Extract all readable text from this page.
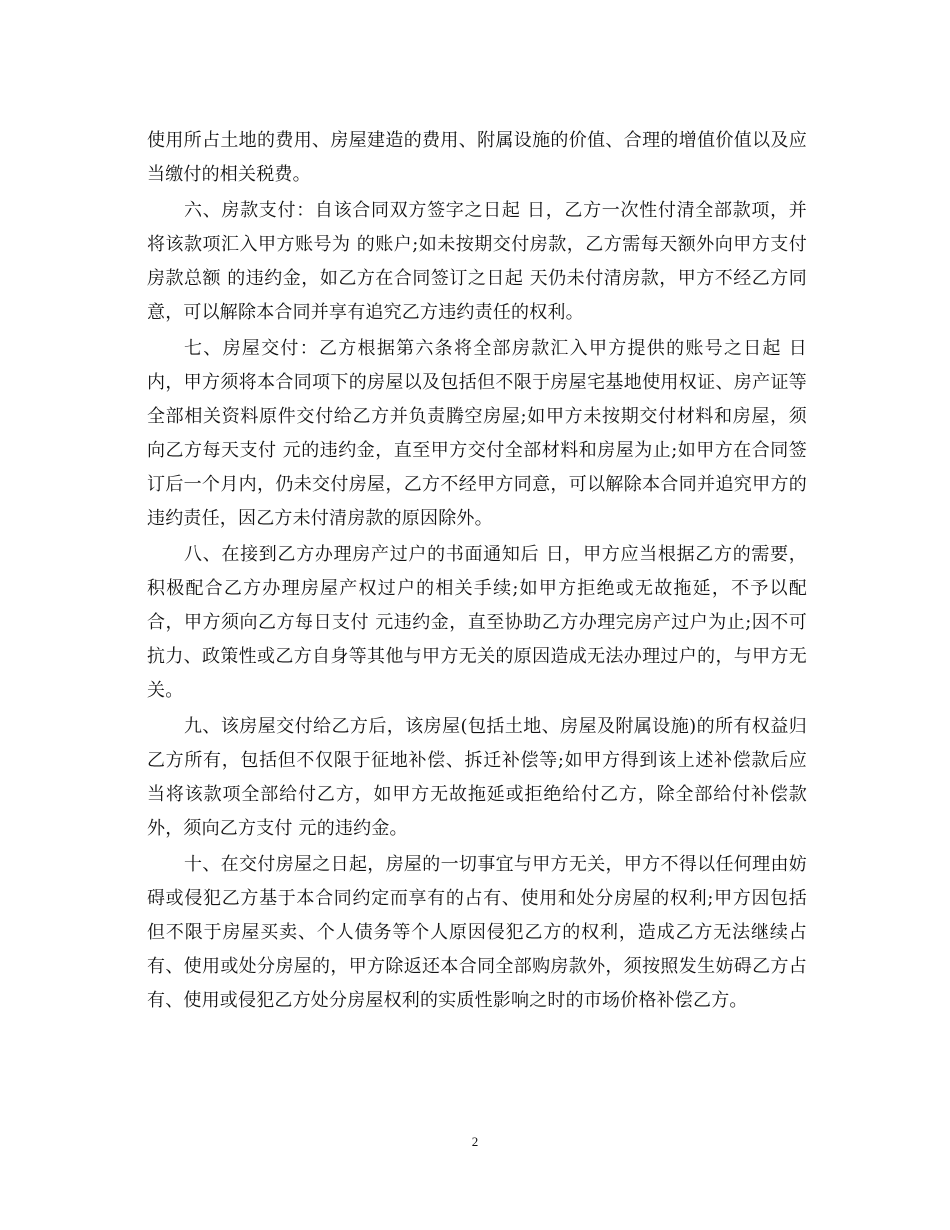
使用所占土地的费用、房屋建造的费用、附属设施的价值、合理的增值价值以及应当缴付的相关税费。

六、房款支付：自该合同双方签字之日起 日，乙方一次性付清全部款项，并将该款项汇入甲方账号为 的账户;如未按期交付房款，乙方需每天额外向甲方支付房款总额 的违约金，如乙方在合同签订之日起 天仍未付清房款，甲方不经乙方同意，可以解除本合同并享有追究乙方违约责任的权利。

七、房屋交付：乙方根据第六条将全部房款汇入甲方提供的账号之日起 日内，甲方须将本合同项下的房屋以及包括但不限于房屋宅基地使用权证、房产证等全部相关资料原件交付给乙方并负责腾空房屋;如甲方未按期交付材料和房屋，须向乙方每天支付 元的违约金，直至甲方交付全部材料和房屋为止;如甲方在合同签订后一个月内，仍未交付房屋，乙方不经甲方同意，可以解除本合同并追究甲方的违约责任，因乙方未付清房款的原因除外。

八、在接到乙方办理房产过户的书面通知后 日，甲方应当根据乙方的需要，积极配合乙方办理房屋产权过户的相关手续;如甲方拒绝或无故拖延，不予以配合，甲方须向乙方每日支付 元违约金，直至协助乙方办理完房产过户为止;因不可抗力、政策性或乙方自身等其他与甲方无关的原因造成无法办理过户的，与甲方无关。

九、该房屋交付给乙方后，该房屋(包括土地、房屋及附属设施)的所有权益归乙方所有，包括但不仅限于征地补偿、拆迁补偿等;如甲方得到该上述补偿款后应当将该款项全部给付乙方，如甲方无故拖延或拒绝给付乙方，除全部给付补偿款外，须向乙方支付 元的违约金。

十、在交付房屋之日起，房屋的一切事宜与甲方无关，甲方不得以任何理由妨碍或侵犯乙方基于本合同约定而享有的占有、使用和处分房屋的权利;甲方因包括但不限于房屋买卖、个人债务等个人原因侵犯乙方的权利，造成乙方无法继续占有、使用或处分房屋的，甲方除返还本合同全部购房款外，须按照发生妨碍乙方占有、使用或侵犯乙方处分房屋权利的实质性影响之时的市场价格补偿乙方。

2
